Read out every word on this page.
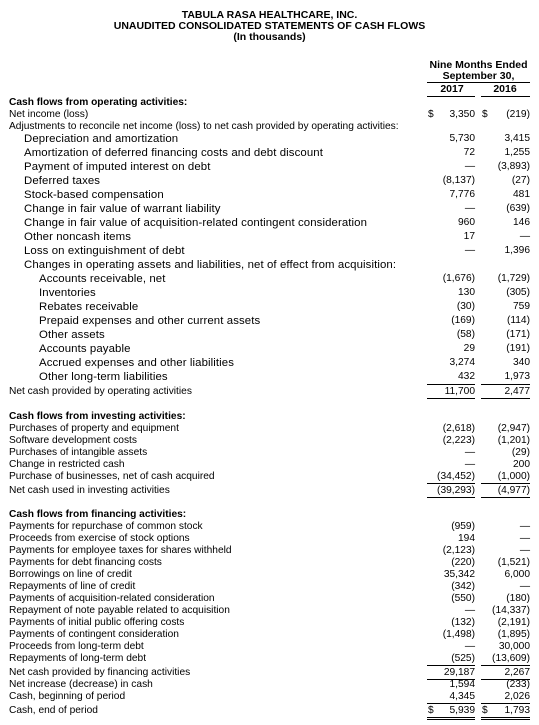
TABULA RASA HEALTHCARE, INC.
UNAUDITED CONSOLIDATED STATEMENTS OF CASH FLOWS
(In thousands)
Nine Months Ended
September 30,
2017	2016
Cash flows from operating activities:
Net income (loss)	3,350	(219)
$	$
Adjustments to reconcile net income (loss) to net cash provided by operating activities:
Depreciation and amortization	5,730	3,415
Amortization of deferred financing costs and debt discount	72	1,255
Payment of imputed interest on debt	—	(3,893)
Deferred taxes	(8,137)	(27)
Stock-based compensation	7,776	481
Change in fair value of warrant liability	—	(639)
Change in fair value of acquisition-related contingent consideration	960	146
Other noncash items	17	—
Loss on extinguishment of debt	—	1,396
Changes in operating assets and liabilities, net of effect from acquisition:
Accounts receivable, net	(1,676)	(1,729)
Inventories	130	(305)
Rebates receivable	(30)	759
Prepaid expenses and other current assets	(169)	(114)
Other assets	(58)	(171)
Accounts payable	29	(191)
Accrued expenses and other liabilities	3,274	340
Other long-term liabilities	432	1,973
Net cash provided by operating activities	11,700	2,477
Cash flows from investing activities:
Purchases of property and equipment	(2,618)	(2,947)
Software development costs	(2,223)	(1,201)
Purchases of intangible assets	—	(29)
Change in restricted cash	—	200
Purchase of businesses, net of cash acquired	(34,452)	(1,000)
Net cash used in investing activities	(39,293)	(4,977)
Cash flows from financing activities:
Payments for repurchase of common stock	(959)	—
Proceeds from exercise of stock options	194	—
Payments for employee taxes for shares withheld	(2,123)	—
Payments for debt financing costs	(220)	(1,521)
Borrowings on line of credit	35,342	6,000
Repayments of line of credit	(342)	—
Payments of acquisition-related consideration	(550)	(180)
Repayment of note payable related to acquisition	—	(14,337)
Payments of initial public offering costs	(132)	(2,191)
Payments of contingent consideration	(1,498)	(1,895)
Proceeds from long-term debt	—	30,000
Repayments of long-term debt	(525)	(13,609)
Net cash provided by financing activities	29,187	2,267
Net increase (decrease) in cash	1,594	(233)
Cash, beginning of period	4,345	2,026
Cash, end of period	5,939	1,793
$	$
